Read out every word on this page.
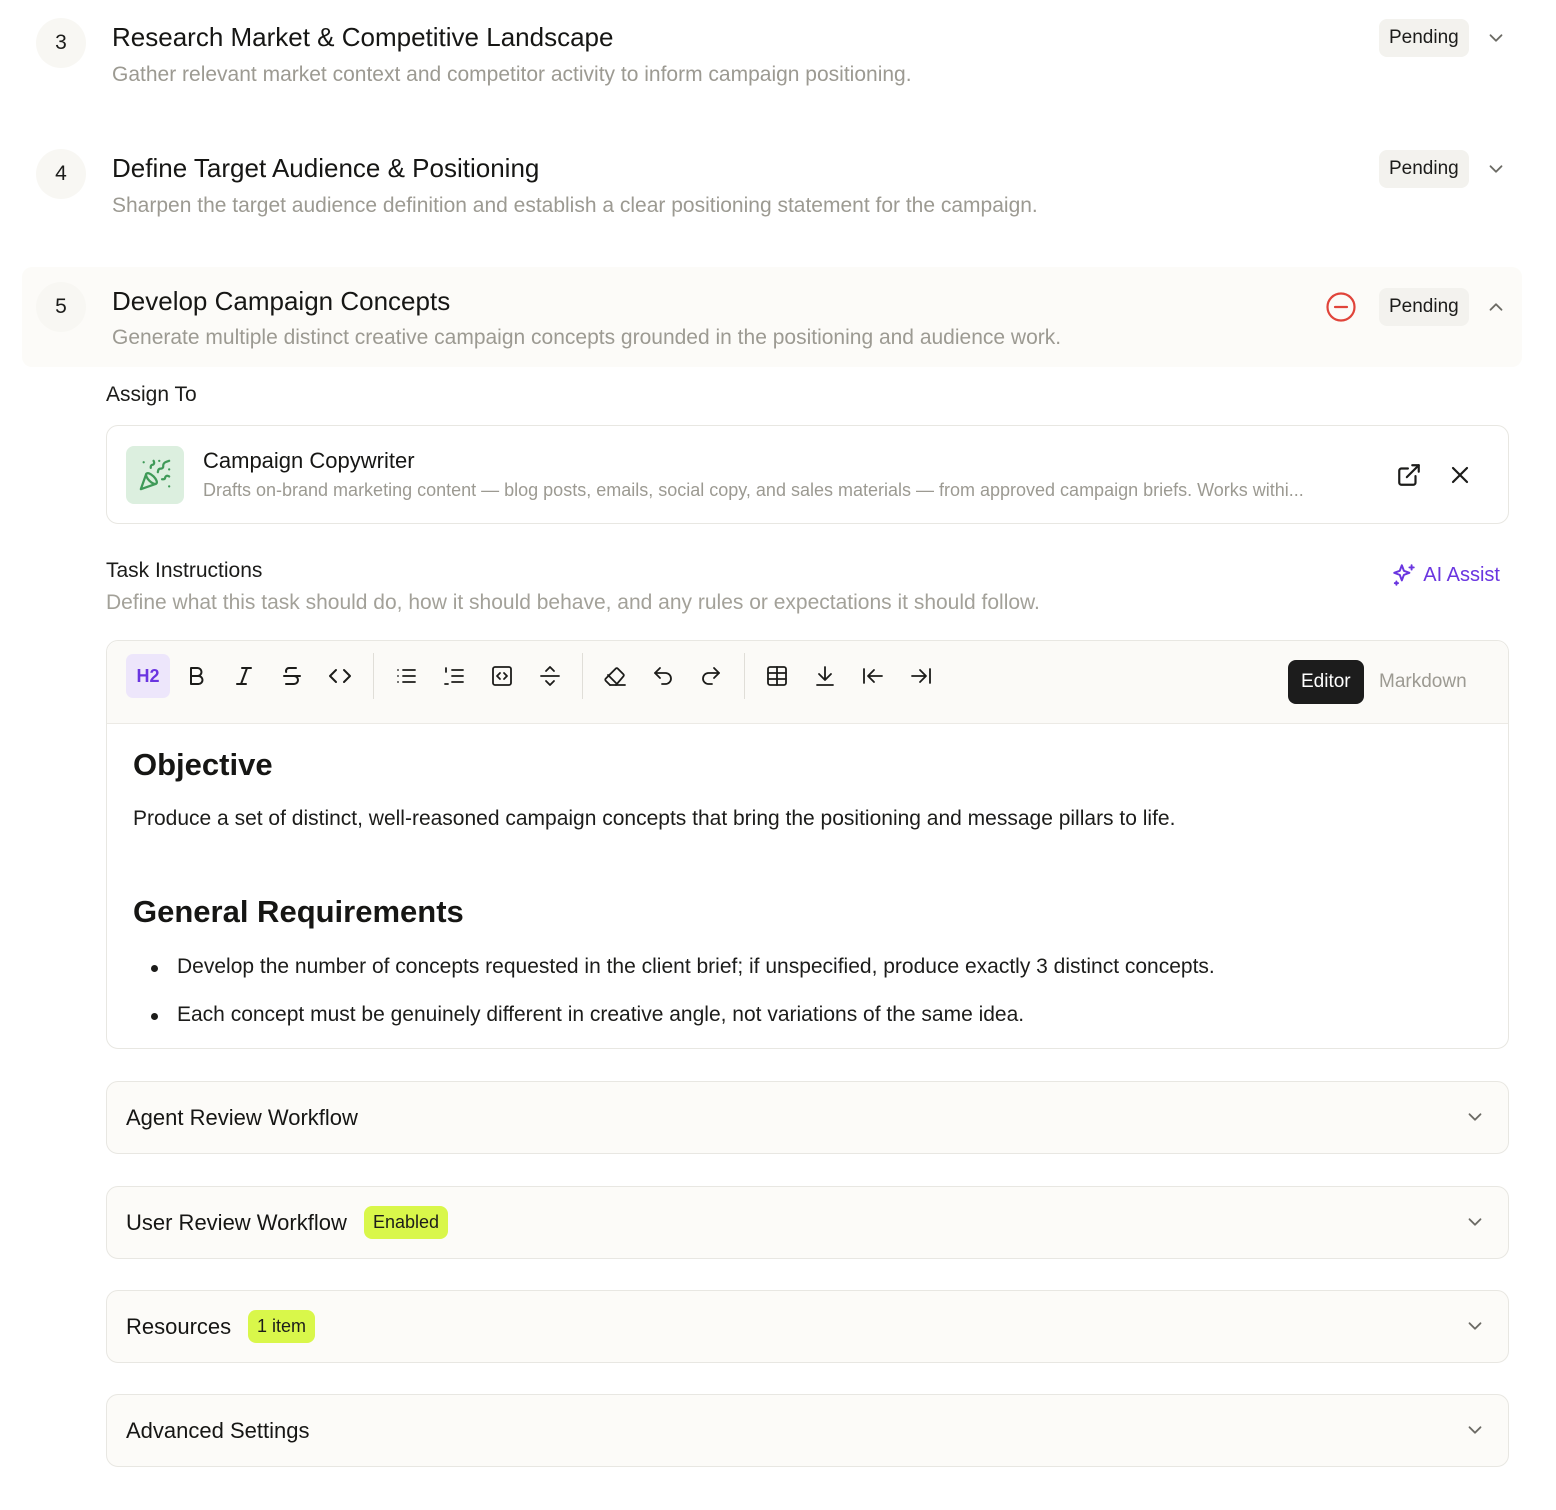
3	Research Market & Competitive Landscape
Gather relevant market context and competitor activity to inform campaign positioning.
Pending
4	Define Target Audience & Positioning
Sharpen the target audience definition and establish a clear positioning statement for the campaign.
Pending
5	Develop Campaign Concepts
Generate multiple distinct creative campaign concepts grounded in the positioning and audience work.
Pending
Assign To
Campaign Copywriter
Drafts on-brand marketing content — blog posts, emails, social copy, and sales materials — from approved campaign briefs. Works withi...
Task Instructions
Define what this task should do, how it should behave, and any rules or expectations it should follow.
AI Assist
H2	Editor	Markdown
Objective
Produce a set of distinct, well-reasoned campaign concepts that bring the positioning and message pillars to life.
General Requirements
Develop the number of concepts requested in the client brief; if unspecified, produce exactly 3 distinct concepts.
Each concept must be genuinely different in creative angle, not variations of the same idea.
Agent Review Workflow
User Review Workflow	Enabled
Resources	1 item
Advanced Settings
